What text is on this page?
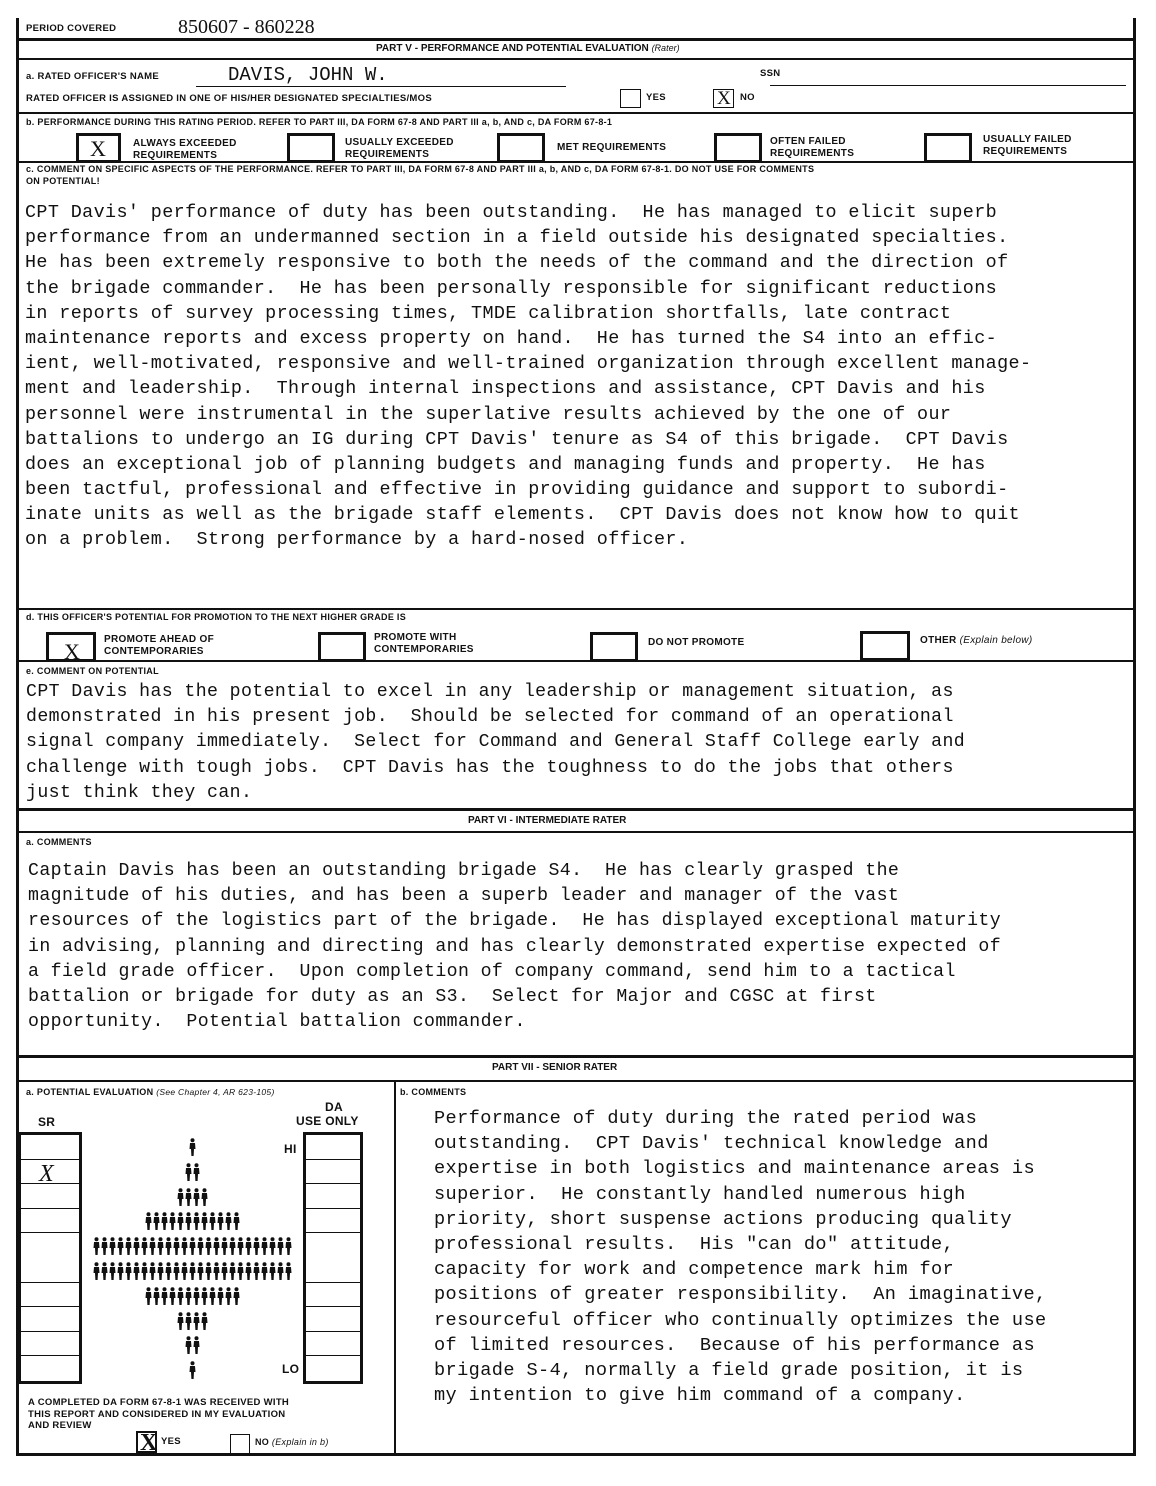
PERIOD COVERED	850607 - 860228
PART V - PERFORMANCE AND POTENTIAL EVALUATION (Rater)
a. RATED OFFICER'S NAME	DAVIS, JOHN W.	SSN
RATED OFFICER IS ASSIGNED IN ONE OF HIS/HER DESIGNATED SPECIALTIES/MOS	YES	X NO
b. PERFORMANCE DURING THIS RATING PERIOD. REFER TO PART III, DA FORM 67-8 AND PART III a, b, AND c, DA FORM 67-8-1
X	ALWAYS EXCEEDED
REQUIREMENTS
USUALLY EXCEEDED
REQUIREMENTS
MET REQUIREMENTS
OFTEN FAILED
REQUIREMENTS
USUALLY FAILED
REQUIREMENTS
c. COMMENT ON SPECIFIC ASPECTS OF THE PERFORMANCE. REFER TO PART III, DA FORM 67-8 AND PART III a, b, AND c, DA FORM 67-8-1. DO NOT USE FOR COMMENTS
ON POTENTIAL!
CPT Davis' performance of duty has been outstanding.  He has managed to elicit superb
performance from an undermanned section in a field outside his designated specialties.
He has been extremely responsive to both the needs of the command and the direction of
the brigade commander.  He has been personally responsible for significant reductions
in reports of survey processing times, TMDE calibration shortfalls, late contract
maintenance reports and excess property on hand.  He has turned the S4 into an effic-
ient, well-motivated, responsive and well-trained organization through excellent manage-
ment and leadership.  Through internal inspections and assistance, CPT Davis and his
personnel were instrumental in the superlative results achieved by the one of our
battalions to undergo an IG during CPT Davis' tenure as S4 of this brigade.  CPT Davis
does an exceptional job of planning budgets and managing funds and property.  He has
been tactful, professional and effective in providing guidance and support to subordi-
inate units as well as the brigade staff elements.  CPT Davis does not know how to quit
on a problem.  Strong performance by a hard-nosed officer.
d. THIS OFFICER'S POTENTIAL FOR PROMOTION TO THE NEXT HIGHER GRADE IS
X PROMOTE AHEAD OF
CONTEMPORARIES
PROMOTE WITH
CONTEMPORARIES
DO NOT PROMOTE	OTHER (Explain below)
e. COMMENT ON POTENTIAL
CPT Davis has the potential to excel in any leadership or management situation, as
demonstrated in his present job.  Should be selected for command of an operational
signal company immediately.  Select for Command and General Staff College early and
challenge with tough jobs.  CPT Davis has the toughness to do the jobs that others
just think they can.
PART VI - INTERMEDIATE RATER
a. COMMENTS
Captain Davis has been an outstanding brigade S4.  He has clearly grasped the
magnitude of his duties, and has been a superb leader and manager of the vast
resources of the logistics part of the brigade.  He has displayed exceptional maturity
in advising, planning and directing and has clearly demonstrated expertise expected of
a field grade officer.  Upon completion of company command, send him to a tactical
battalion or brigade for duty as an S3.  Select for Major and CGSC at first
opportunity.  Potential battalion commander.
PART VII - SENIOR RATER
a. POTENTIAL EVALUATION (See Chapter 4, AR 623-105)	b. COMMENTS
SR
DA
USE ONLY
HI
LO
X
A COMPLETED DA FORM 67-8-1 WAS RECEIVED WITH
THIS REPORT AND CONSIDERED IN MY EVALUATION
AND REVIEW
X YES	NO (Explain in b)
Performance of duty during the rated period was
outstanding.  CPT Davis' technical knowledge and
expertise in both logistics and maintenance areas is
superior.  He constantly handled numerous high
priority, short suspense actions producing quality
professional results.  His "can do" attitude,
capacity for work and competence mark him for
positions of greater responsibility.  An imaginative,
resourceful officer who continually optimizes the use
of limited resources.  Because of his performance as
brigade S-4, normally a field grade position, it is
my intention to give him command of a company.
